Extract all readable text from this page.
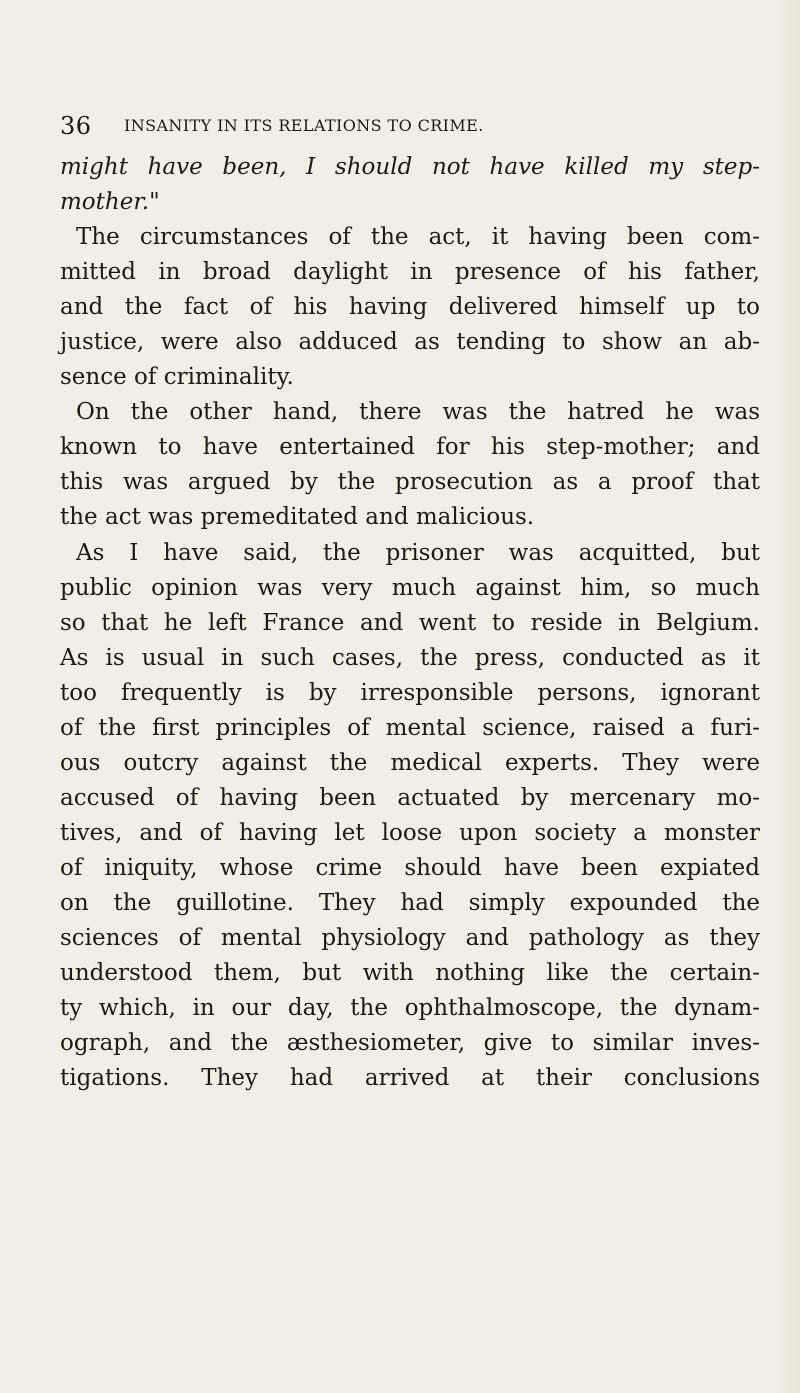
36 INSANITY IN ITS RELATIONS TO CRIME.
might have been, I should not have killed my step-
mother."
The circumstances of the act, it having been com-
mitted in broad daylight in presence of his father,
and the fact of his having delivered himself up to
justice, were also adduced as tending to show an ab-
sence of criminality.
On the other hand, there was the hatred he was
known to have entertained for his step-mother; and
this was argued by the prosecution as a proof that
the act was premeditated and malicious.
As I have said, the prisoner was acquitted, but
public opinion was very much against him, so much
so that he left France and went to reside in Belgium.
As is usual in such cases, the press, conducted as it
too frequently is by irresponsible persons, ignorant
of the first principles of mental science, raised a furi-
ous outcry against the medical experts. They were
accused of having been actuated by mercenary mo-
tives, and of having let loose upon society a monster
of iniquity, whose crime should have been expiated
on the guillotine. They had simply expounded the
sciences of mental physiology and pathology as they
understood them, but with nothing like the certain-
ty which, in our day, the ophthalmoscope, the dynam-
ograph, and the æsthesiometer, give to similar inves-
tigations. They had arrived at their conclusions
